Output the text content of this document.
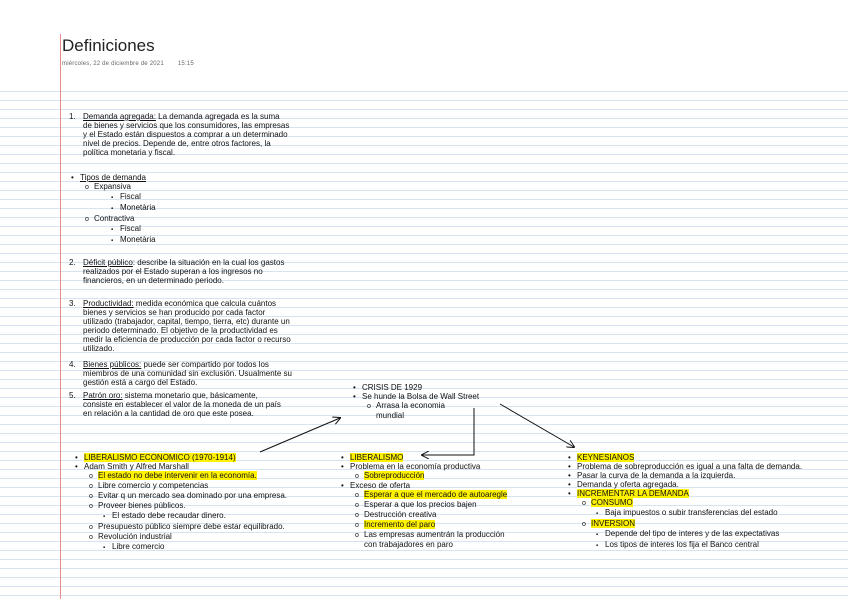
Definiciones
miércoles, 22 de diciembre de 2021 15:15

1. Demanda agregada: La demanda agregada es la suma

de bienes y servicios que los consumidores, las empresas

y el Estado están dispuestos a comprar a un determinado

nivel de precios. Depende de, entre otros factores, la

política monetaria y fiscal.

• Tipos de demanda

o Expansiva

▪ Fiscal

▪ Monetària

o Contractiva

▪ Fiscal

▪ Monetària

2. Déficit público: describe la situación en la cual los gastos

realizados por el Estado superan a los ingresos no

financieros, en un determinado periodo.

3. Productividad: medida económica que calcula cuántos

bienes y servicios se han producido por cada factor

utilizado (trabajador, capital, tiempo, tierra, etc) durante un

periodo determinado. El objetivo de la productividad es

medir la eficiencia de producción por cada factor o recurso

utilizado.

4. Bienes públicos: puede ser compartido por todos los

miembros de una comunidad sin exclusión. Usualmente su

gestión está a cargo del Estado.

5. Patrón oro: sistema monetario que, básicamente,

consiste en establecer el valor de la moneda de un país

en relación a la cantidad de oro que este posea.

• CRISIS DE 1929

• Se hunde la Bolsa de Wall Street

o Arrasa la economia

mundial

• LIBERALISMO ECONOMICO (1970-1914)

• Adam Smith y Alfred Marshall

o El estado no debe intervenir en la economía.

o Libre comercio y competencias

o Evitar q un mercado sea dominado por una empresa.

o Proveer bienes públicos.

▪ El estado debe recaudar dinero.

o Presupuesto público siempre debe estar equilibrado.

o Revolución industrial

▪ Libre comercio

• LIBERALISMO

• Problema en la economía productiva

o Sobreproducción

• Exceso de oferta

o Esperar a que el mercado de autoaregle

o Esperar a que los precios bajen

o Destrucción creativa

o Incremento del paro

o Las empresas aumentrán la producción

con trabajadores en paro

• KEYNESIANOS

• Problema de sobreproducción es igual a una falta de demanda.

• Pasar la curva de la demanda a la izquierda.

• Demanda y oferta agregada.

• INCREMENTAR LA DEMANDA

o CONSUMO

▪ Baja impuestos o subir transferencias del estado

o INVERSION

▪ Depende del tipo de interes y de las expectativas

▪ Los tipos de interes los fija el Banco central
